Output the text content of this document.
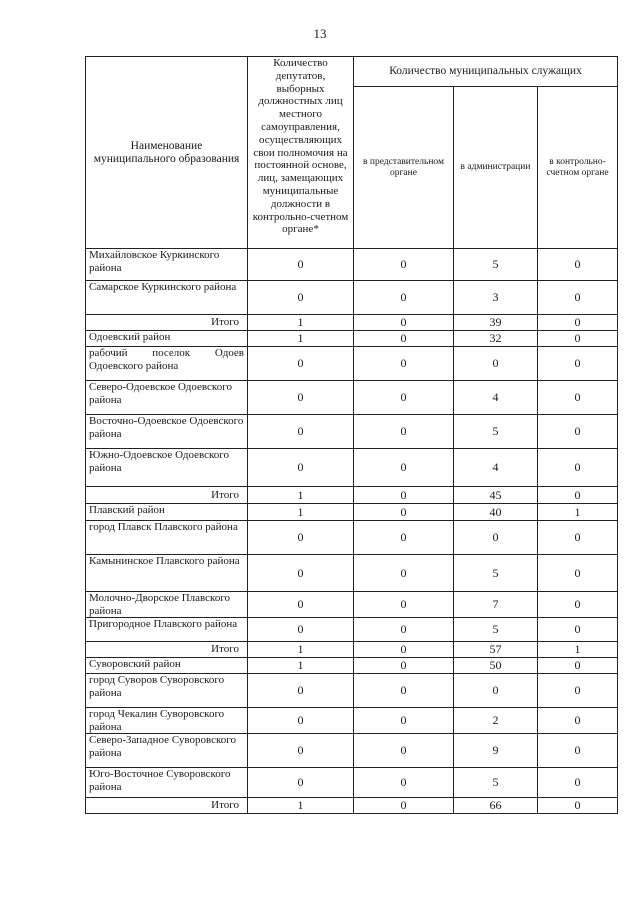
13
Наименование муниципального образования	Количество депутатов, выборных должностных лиц местного самоуправления, осуществляющих свои полномочия на постоянной основе, лиц, замещающих муниципальные должности в контрольно-счетном органе*	Количество муниципальных служащих		
		в представительном органе	в администрации	в контрольно-счетном органе
Михайловское Куркинского района	0	0	5	0
Самарское Куркинского района	0	0	3	0
Итого	1	0	39	0
Одоевский район	1	0	32	0
рабочий поселок Одоев Одоевского района	0	0	0	0
Северо-Одоевское Одоевского района	0	0	4	0
Восточно-Одоевское Одоевского района	0	0	5	0
Южно-Одоевское Одоевского района	0	0	4	0
Итого	1	0	45	0
Плавский район	1	0	40	1
город Плавск Плавского района	0	0	0	0
Камынинское Плавского района	0	0	5	0
Молочно-Дворское Плавского района	0	0	7	0
Пригородное Плавского района	0	0	5	0
Итого	1	0	57	1
Суворовский район	1	0	50	0
город Суворов Суворовского района	0	0	0	0
город Чекалин Суворовского района	0	0	2	0
Северо-Западное Суворовского района	0	0	9	0
Юго-Восточное Суворовского района	0	0	5	0
Итого	1	0	66	0
